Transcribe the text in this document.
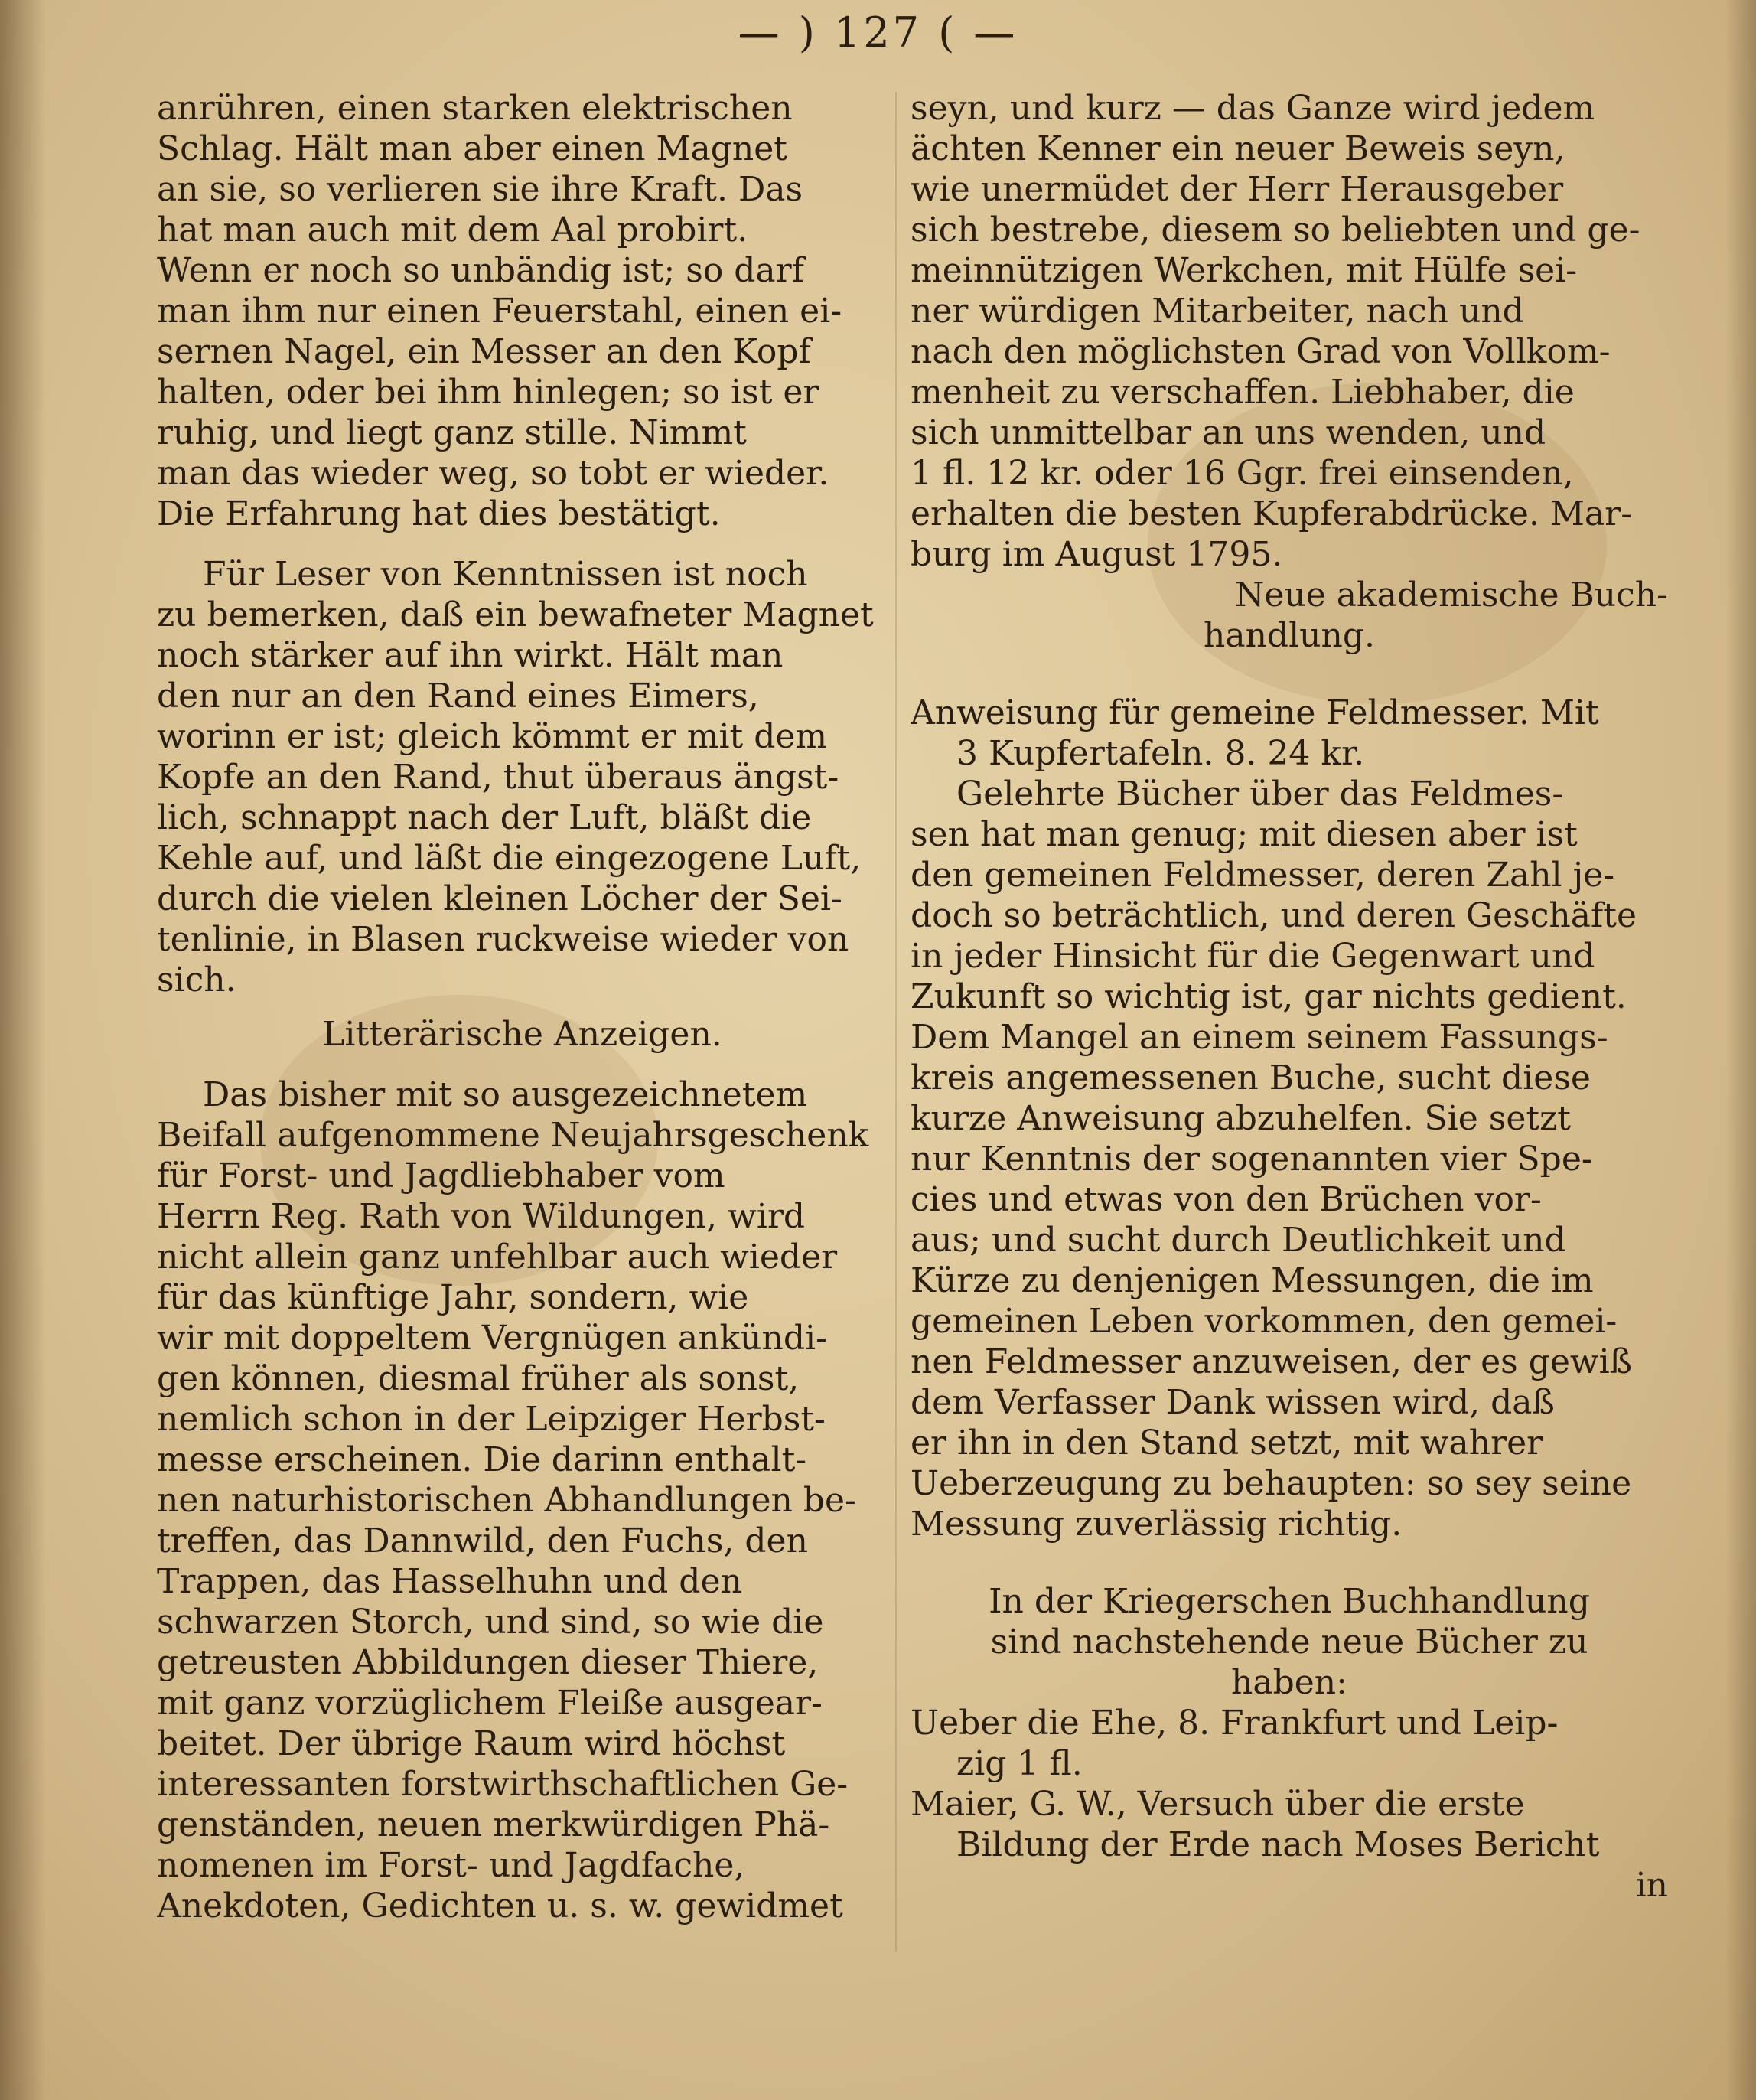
— ) 127 ( —
anrühren, einen starken elektrischen
Schlag. Hält man aber einen Magnet
an sie, so verlieren sie ihre Kraft. Das
hat man auch mit dem Aal probirt.
Wenn er noch so unbändig ist; so darf
man ihm nur einen Feuerstahl, einen ei-
sernen Nagel, ein Messer an den Kopf
halten, oder bei ihm hinlegen; so ist er
ruhig, und liegt ganz stille. Nimmt
man das wieder weg, so tobt er wieder.
Die Erfahrung hat dies bestätigt.
Für Leser von Kenntnissen ist noch
zu bemerken, daß ein bewafneter Magnet
noch stärker auf ihn wirkt. Hält man
den nur an den Rand eines Eimers,
worinn er ist; gleich kömmt er mit dem
Kopfe an den Rand, thut überaus ängst-
lich, schnappt nach der Luft, bläßt die
Kehle auf, und läßt die eingezogene Luft,
durch die vielen kleinen Löcher der Sei-
tenlinie, in Blasen ruckweise wieder von
sich.
Litterärische Anzeigen.
Das bisher mit so ausgezeichnetem
Beifall aufgenommene Neujahrsgeschenk
für Forst- und Jagdliebhaber vom
Herrn Reg. Rath von Wildungen, wird
nicht allein ganz unfehlbar auch wieder
für das künftige Jahr, sondern, wie
wir mit doppeltem Vergnügen ankündi-
gen können, diesmal früher als sonst,
nemlich schon in der Leipziger Herbst-
messe erscheinen. Die darinn enthalt-
nen naturhistorischen Abhandlungen be-
treffen, das Dannwild, den Fuchs, den
Trappen, das Hasselhuhn und den
schwarzen Storch, und sind, so wie die
getreusten Abbildungen dieser Thiere,
mit ganz vorzüglichem Fleiße ausgear-
beitet. Der übrige Raum wird höchst
interessanten forstwirthschaftlichen Ge-
genständen, neuen merkwürdigen Phä-
nomenen im Forst- und Jagdfache,
Anekdoten, Gedichten u. s. w. gewidmet
seyn, und kurz — das Ganze wird jedem
ächten Kenner ein neuer Beweis seyn,
wie unermüdet der Herr Herausgeber
sich bestrebe, diesem so beliebten und ge-
meinnützigen Werkchen, mit Hülfe sei-
ner würdigen Mitarbeiter, nach und
nach den möglichsten Grad von Vollkom-
menheit zu verschaffen. Liebhaber, die
sich unmittelbar an uns wenden, und
1 fl. 12 kr. oder 16 Ggr. frei einsenden,
erhalten die besten Kupferabdrücke. Mar-
burg im August 1795.
Neue akademische Buch-
handlung.
Anweisung für gemeine Feldmesser. Mit
3 Kupfertafeln. 8. 24 kr.
Gelehrte Bücher über das Feldmes-
sen hat man genug; mit diesen aber ist
den gemeinen Feldmesser, deren Zahl je-
doch so beträchtlich, und deren Geschäfte
in jeder Hinsicht für die Gegenwart und
Zukunft so wichtig ist, gar nichts gedient.
Dem Mangel an einem seinem Fassungs-
kreis angemessenen Buche, sucht diese
kurze Anweisung abzuhelfen. Sie setzt
nur Kenntnis der sogenannten vier Spe-
cies und etwas von den Brüchen vor-
aus; und sucht durch Deutlichkeit und
Kürze zu denjenigen Messungen, die im
gemeinen Leben vorkommen, den gemei-
nen Feldmesser anzuweisen, der es gewiß
dem Verfasser Dank wissen wird, daß
er ihn in den Stand setzt, mit wahrer
Ueberzeugung zu behaupten: so sey seine
Messung zuverlässig richtig.
In der Kriegerschen Buchhandlung
sind nachstehende neue Bücher zu
haben:
Ueber die Ehe, 8. Frankfurt und Leip-
zig 1 fl.
Maier, G. W., Versuch über die erste
Bildung der Erde nach Moses Bericht
in
